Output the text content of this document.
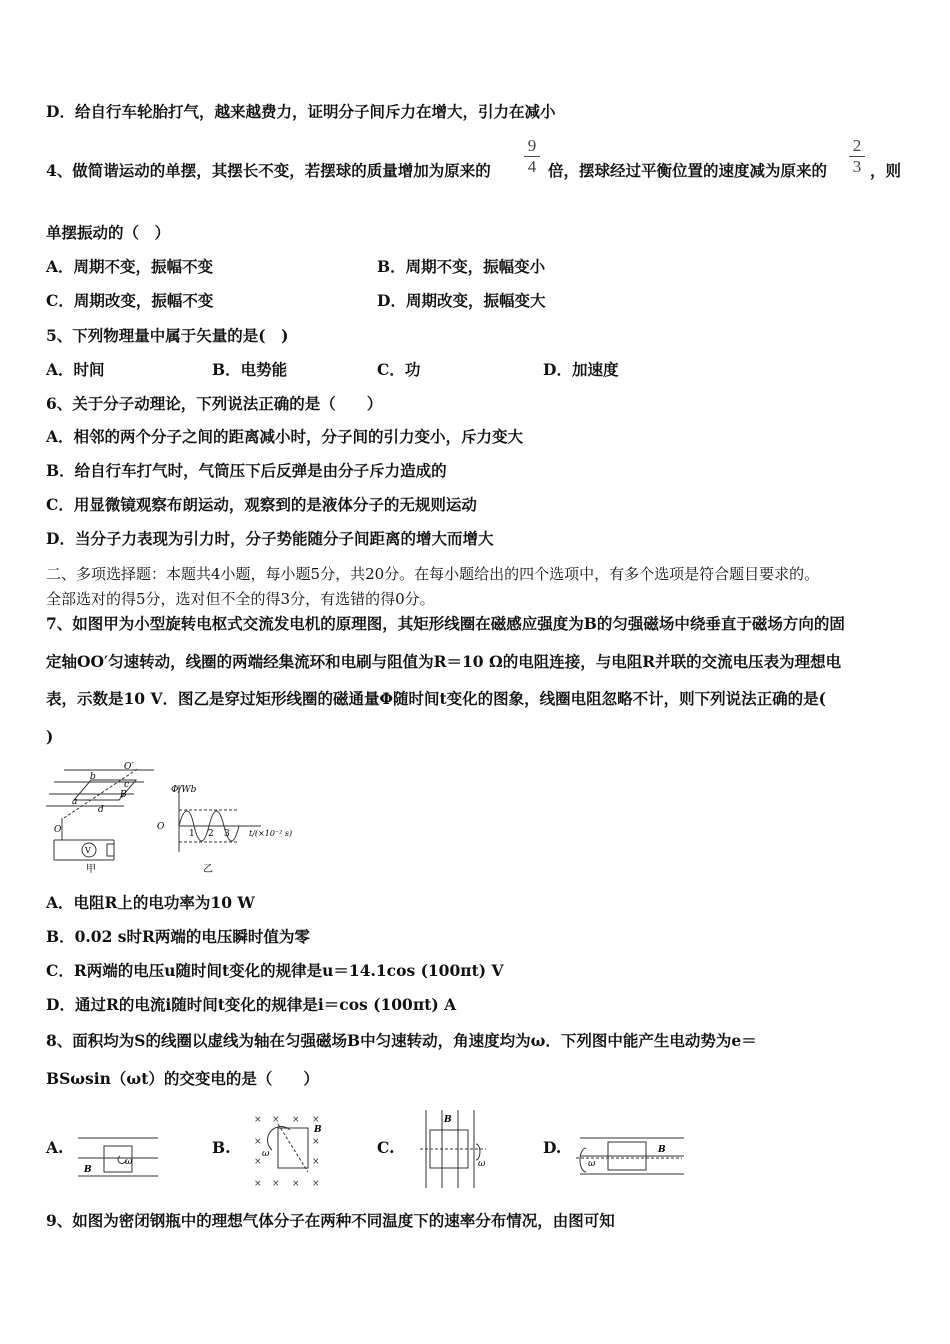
D．给自行车轮胎打气，越来越费力，证明分子间斥力在增大，引力在减小
4、做简谐运动的单摆，其摆长不变，若摆球的质量增加为原来的
9
4 倍，摆球经过平衡位置的速度减为原来的
2
3 ，则
单摆振动的（　）
A．周期不变，振幅不变	B．周期不变，振幅变小
C．周期改变，振幅不变	D．周期改变，振幅变大
5、下列物理量中属于矢量的是(　)
A．时间	B．电势能	C．功	D．加速度
6、关于分子动理论，下列说法正确的是（　　）
A．相邻的两个分子之间的距离减小时，分子间的引力变小，斥力变大
B．给自行车打气时，气筒压下后反弹是由分子斥力造成的
C．用显微镜观察布朗运动，观察到的是液体分子的无规则运动
D．当分子力表现为引力时，分子势能随分子间距离的增大而增大
二、多项选择题：本题共4小题，每小题5分，共20分。在每小题给出的四个选项中，有多个选项是符合题目要求的。
全部选对的得5分，选对但不全的得3分，有选错的得0分。
7、如图甲为小型旋转电枢式交流发电机的原理图，其矩形线圈在磁感应强度为B的匀强磁场中绕垂直于磁场方向的固
定轴OO′匀速转动，线圈的两端经集流环和电刷与阻值为R＝10 Ω的电阻连接，与电阻R并联的交流电压表为理想电
表，示数是10 V．图乙是穿过矩形线圈的磁通量Φ随时间t变化的图象，线圈电阻忽略不计，则下列说法正确的是(
)
O′
b
c
B
a
d
O
V
甲
Φ/Wb
O
1 2 3 t/(×10⁻² s)
乙
A．电阻R上的电功率为10 W
B．0.02 s时R两端的电压瞬时值为零
C．R两端的电压u随时间t变化的规律是u＝14.1cos (100πt) V
D．通过R的电流i随时间t变化的规律是i＝cos (100πt) A
8、面积均为S的线圈以虚线为轴在匀强磁场B中匀速转动，角速度均为ω．下列图中能产生电动势为e＝
BSωsin（ωt）的交变电的是（　　）
A.
B
ω
B.
× × × ×
×	×
×	×
× × × ×
B
ω	C.
B
ω
D.	B
ω
9、如图为密闭钢瓶中的理想气体分子在两种不同温度下的速率分布情况，由图可知
